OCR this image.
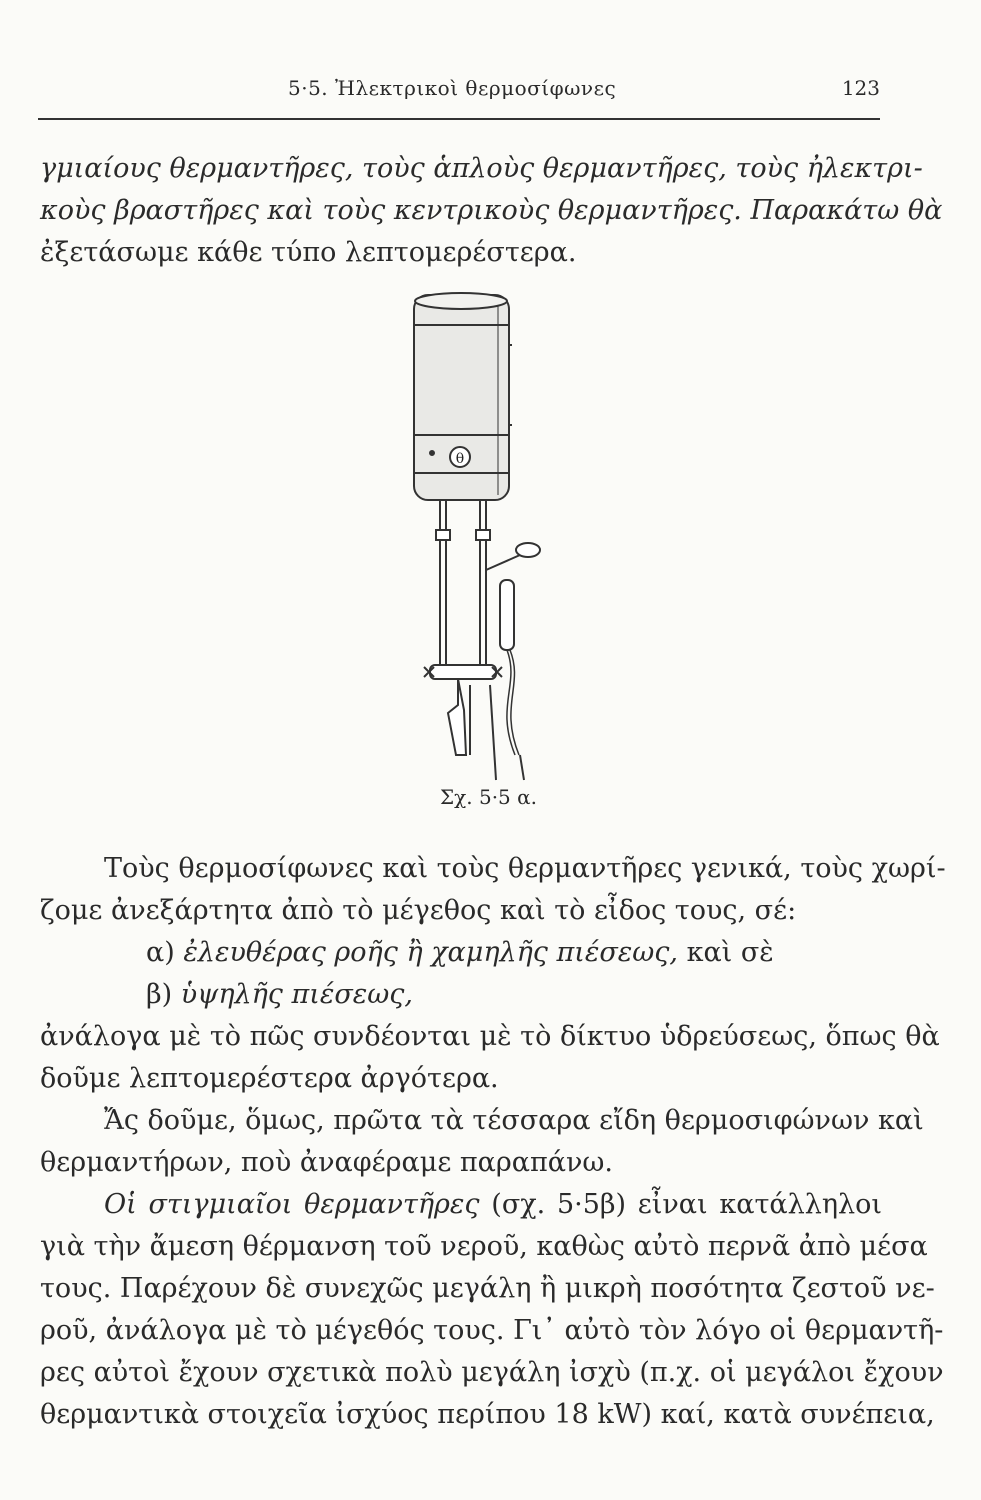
5·5. Ἠλεκτρικοὶ θερμοσίφωνες	123
γμιαίους θερμαντῆρες, τοὺς ἁπλοὺς θερμαντῆρες, τοὺς ἠλεκτρι-
κοὺς βραστῆρες καὶ τοὺς κεντρικοὺς θερμαντῆρες. Παρακάτω θὰ
ἐξετάσωμε κάθε τύπο λεπτομερέστερα.
θ
Σχ. 5·5 α.
Τοὺς θερμοσίφωνες καὶ τοὺς θερμαντῆρες γενικά, τοὺς χωρί-
ζομε ἀνεξάρτητα ἀπὸ τὸ μέγεθος καὶ τὸ εἶδος τους, σέ:
α) ἐλευθέρας ροῆς ἢ χαμηλῆς πιέσεως, καὶ σὲ
β) ὑψηλῆς πιέσεως,
ἀνάλογα μὲ τὸ πῶς συνδέονται μὲ τὸ δίκτυο ὑδρεύσεως, ὅπως θὰ
δοῦμε λεπτομερέστερα ἀργότερα.
Ἄς δοῦμε, ὅμως, πρῶτα τὰ τέσσαρα εἴδη θερμοσιφώνων καὶ
θερμαντήρων, ποὺ ἀναφέραμε παραπάνω.
Οἱ στιγμιαῖοι θερμαντῆρες (σχ. 5·5β) εἶναι κατάλληλοι
γιὰ τὴν ἄμεση θέρμανση τοῦ νεροῦ, καθὼς αὐτὸ περνᾶ ἀπὸ μέσα
τους. Παρέχουν δὲ συνεχῶς μεγάλη ἢ μικρὴ ποσότητα ζεστοῦ νε-
ροῦ, ἀνάλογα μὲ τὸ μέγεθός τους. Γι᾽ αὐτὸ τὸν λόγο οἱ θερμαντῆ-
ρες αὐτοὶ ἔχουν σχετικὰ πολὺ μεγάλη ἰσχὺ (π.χ. οἱ μεγάλοι ἔχουν
θερμαντικὰ στοιχεῖα ἰσχύος περίπου 18 kW) καί, κατὰ συνέπεια,
